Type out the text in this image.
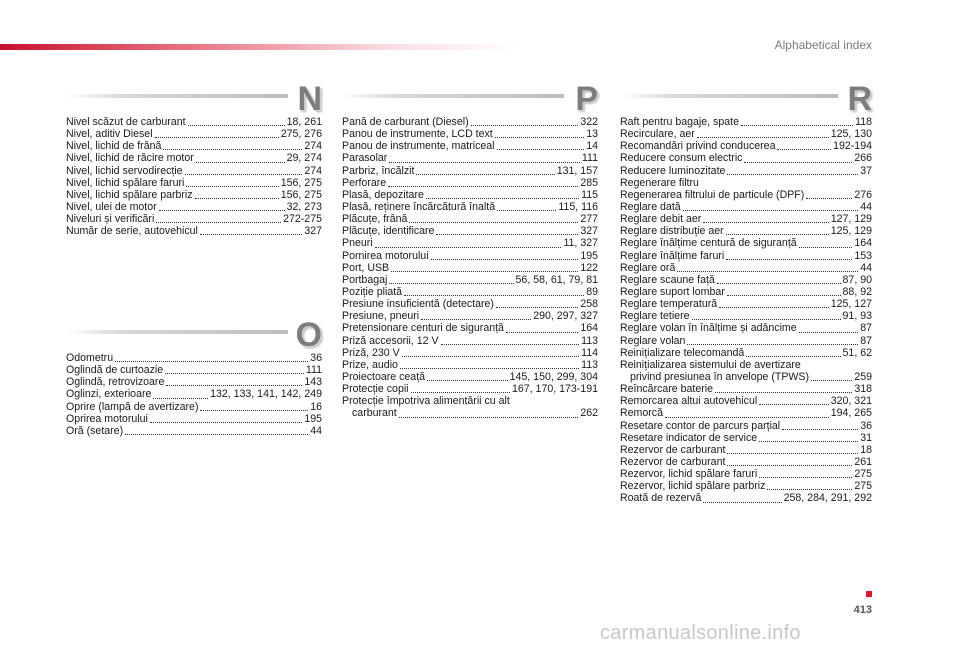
Alphabetical index
N
Nivel scăzut de carburant	18, 261
Nivel, aditiv Diesel	275, 276
Nivel, lichid de frână	274
Nivel, lichid de răcire motor	29, 274
Nivel, lichid servodirecție	274
Nivel, lichid spălare faruri	156, 275
Nivel, lichid spălare parbriz	156, 275
Nivel, ulei de motor	32, 273
Niveluri și verificări	272-275
Număr de serie, autovehicul	327
O
Odometru	36
Oglindă de curtoazie	111
Oglindă, retrovizoare	143
Oglinzi, exterioare	132, 133, 141, 142, 249
Oprire (lampă de avertizare)	16
Oprirea motorului	195
Oră (setare)	44
P
Pană de carburant (Diesel)	322
Panou de instrumente, LCD text	13
Panou de instrumente, matriceal	14
Parasolar	111
Parbriz, încălzit	131, 157
Perforare	285
Plasă, depozitare	115
Plasă, reținere încărcătură înaltă	115, 116
Plăcuțe, frână	277
Plăcuțe, identificare	327
Pneuri	11, 327
Pornirea motorului	195
Port, USB	122
Portbagaj	56, 58, 61, 79, 81
Poziție pliată	89
Presiune insuficientă (detectare)	258
Presiune, pneuri	290, 297, 327
Pretensionare centuri de siguranță	164
Priză accesorii, 12 V	113
Priză, 230 V	114
Prize, audio	113
Proiectoare ceață	145, 150, 299, 304
Protecție copii	167, 170, 173-191
Protecție împotriva alimentării cu alt
carburant	262
R
Raft pentru bagaje, spate	118
Recirculare, aer	125, 130
Recomandări privind conducerea	192-194
Reducere consum electric	266
Reducere luminozitate	37
Regenerare filtru
Regenerarea filtrului de particule (DPF)	276
Reglare dată	44
Reglare debit aer	127, 129
Reglare distribuție aer	125, 129
Reglare înălțime centură de siguranță	164
Reglare înălțime faruri	153
Reglare oră	44
Reglare scaune față	87, 90
Reglare suport lombar	88, 92
Reglare temperatură	125, 127
Reglare tetiere	91, 93
Reglare volan în înălțime și adâncime	87
Reglare volan	87
Reinițializare telecomandă	51, 62
Reinițializarea sistemului de avertizare
privind presiunea în anvelope (TPWS)	259
Reîncărcare baterie	318
Remorcarea altui autovehicul	320, 321
Remorcă	194, 265
Resetare contor de parcurs parțial	36
Resetare indicator de service	31
Rezervor de carburant	18
Rezervor de carburant	261
Rezervor, lichid spălare faruri	275
Rezervor, lichid spălare parbriz	275
Roată de rezervă	258, 284, 291, 292
413
carmanualsonline.info
